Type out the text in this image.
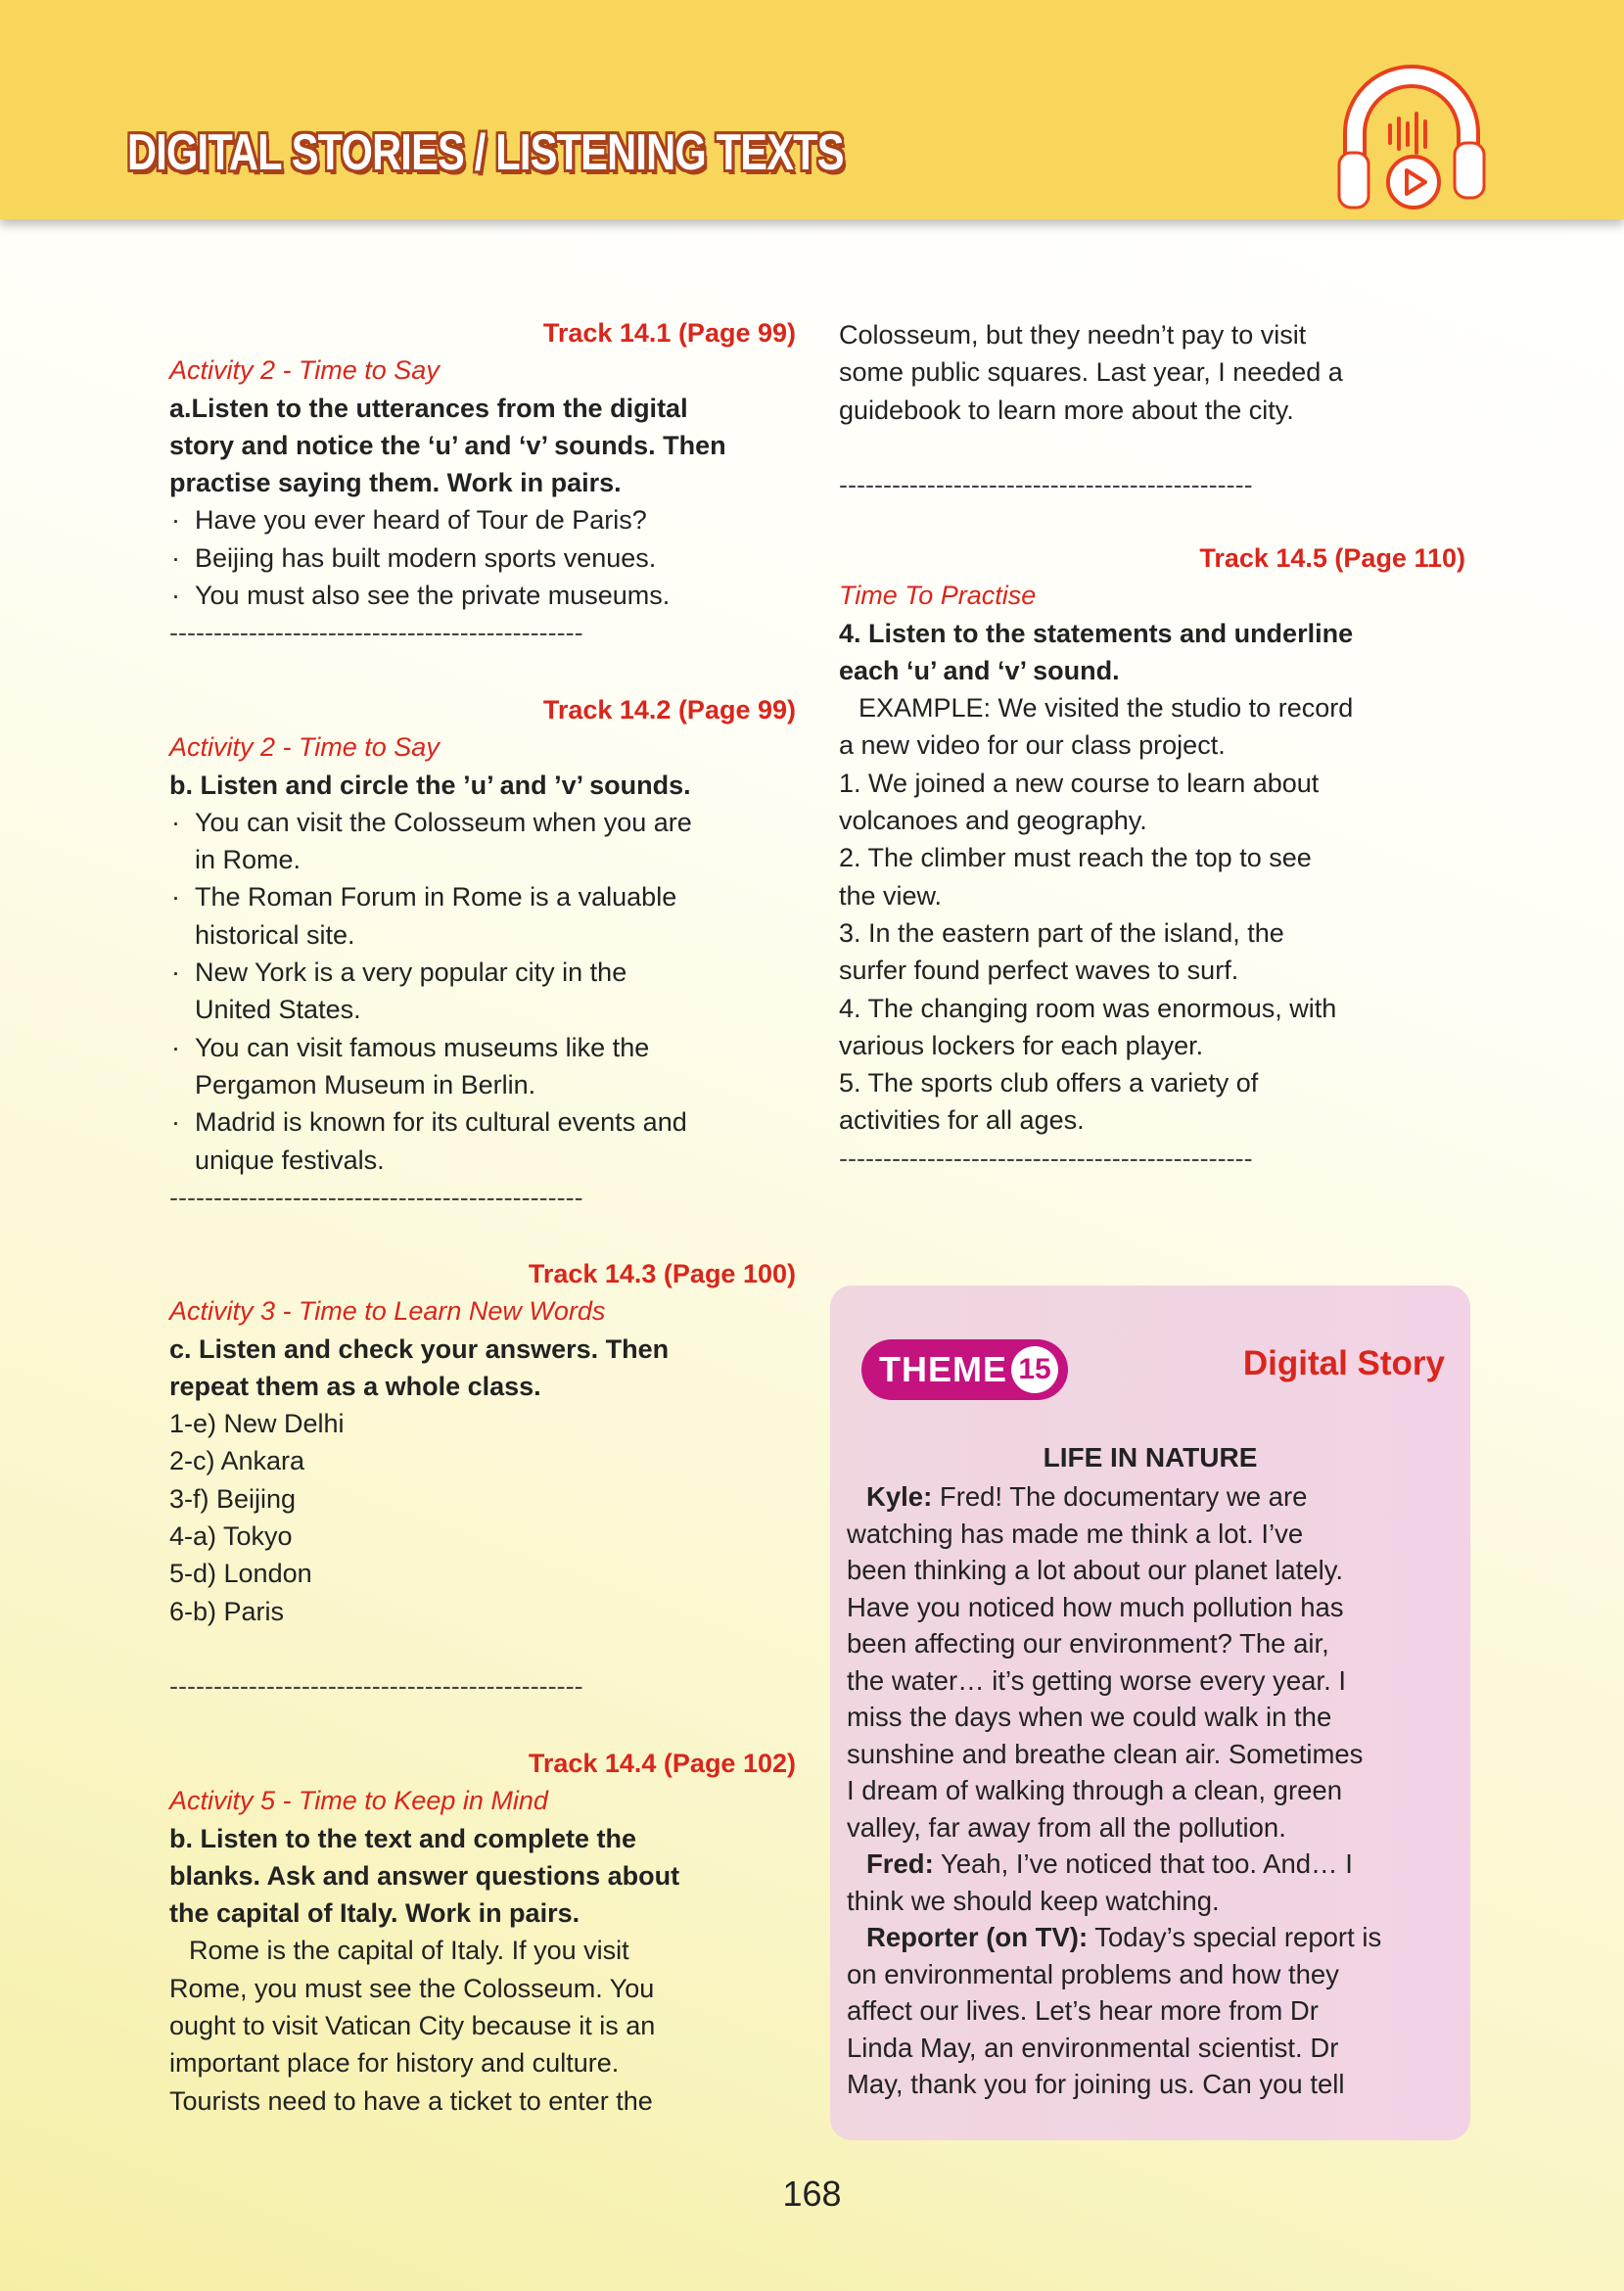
DIGITAL STORIES / LISTENING TEXTS
Track 14.1 (Page 99)
Activity 2 - Time to Say
a.Listen to the utterances from the digital
story and notice the ‘u’ and ‘v’ sounds. Then
practise saying them. Work in pairs.
· Have you ever heard of Tour de Paris?
· Beijing has built modern sports venues.
· You must also see the private museums.
-----------------------------------------------
Track 14.2 (Page 99)
Activity 2 - Time to Say
b. Listen and circle the ’u’ and ’v’ sounds.
· You can visit the Colosseum when you are
in Rome.
· The Roman Forum in Rome is a valuable
historical site.
· New York is a very popular city in the
United States.
· You can visit famous museums like the
Pergamon Museum in Berlin.
· Madrid is known for its cultural events and
unique festivals.
-----------------------------------------------
Track 14.3 (Page 100)
Activity 3 - Time to Learn New Words
c. Listen and check your answers. Then
repeat them as a whole class.
1-e) New Delhi
2-c) Ankara
3-f) Beijing
4-a) Tokyo
5-d) London
6-b) Paris

-----------------------------------------------
Track 14.4 (Page 102)
Activity 5 - Time to Keep in Mind
b. Listen to the text and complete the
blanks. Ask and answer questions about
the capital of Italy. Work in pairs.
Rome is the capital of Italy. If you visit
Rome, you must see the Colosseum. You
ought to visit Vatican City because it is an
important place for history and culture.
Tourists need to have a ticket to enter the
Colosseum, but they needn’t pay to visit
some public squares. Last year, I needed a
guidebook to learn more about the city.

-----------------------------------------------
Track 14.5 (Page 110)
Time To Practise
4. Listen to the statements and underline
each ‘u’ and ‘v’ sound.
EXAMPLE: We visited the studio to record
a new video for our class project.
1. We joined a new course to learn about
volcanoes and geography.
2. The climber must reach the top to see
the view.
3. In the eastern part of the island, the
surfer found perfect waves to surf.
4. The changing room was enormous, with
various lockers for each player.
5. The sports club offers a variety of
activities for all ages.
-----------------------------------------------
THEME 15	Digital Story
LIFE IN NATURE
Kyle: Fred! The documentary we are
watching has made me think a lot. I’ve
been thinking a lot about our planet lately.
Have you noticed how much pollution has
been affecting our environment? The air,
the water… it’s getting worse every year. I
miss the days when we could walk in the
sunshine and breathe clean air. Sometimes
I dream of walking through a clean, green
valley, far away from all the pollution.
Fred: Yeah, I’ve noticed that too. And… I
think we should keep watching.
Reporter (on TV): Today’s special report is
on environmental problems and how they
affect our lives. Let’s hear more from Dr
Linda May, an environmental scientist. Dr
May, thank you for joining us. Can you tell
168
